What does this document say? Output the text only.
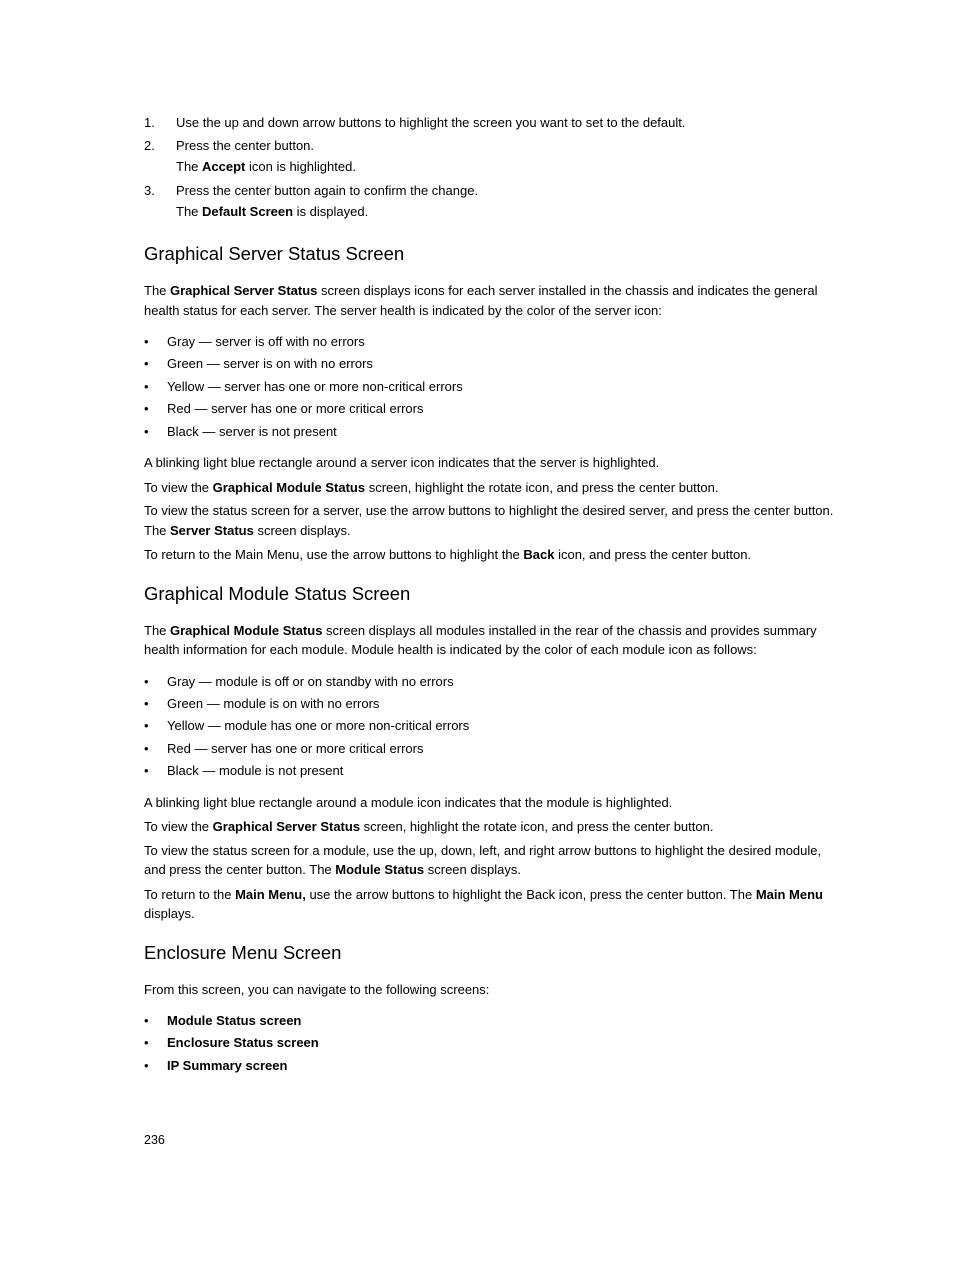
1. Use the up and down arrow buttons to highlight the screen you want to set to the default.
2. Press the center button.
The Accept icon is highlighted.
3. Press the center button again to confirm the change.
The Default Screen is displayed.
Graphical Server Status Screen

The Graphical Server Status screen displays icons for each server installed in the chassis and indicates the general health status for each server. The server health is indicated by the color of the server icon:

• Gray — server is off with no errors
• Green — server is on with no errors
• Yellow — server has one or more non-critical errors
• Red — server has one or more critical errors
• Black — server is not present

A blinking light blue rectangle around a server icon indicates that the server is highlighted.

To view the Graphical Module Status screen, highlight the rotate icon, and press the center button.

To view the status screen for a server, use the arrow buttons to highlight the desired server, and press the center button. The Server Status screen displays.

To return to the Main Menu, use the arrow buttons to highlight the Back icon, and press the center button.

Graphical Module Status Screen

The Graphical Module Status screen displays all modules installed in the rear of the chassis and provides summary health information for each module. Module health is indicated by the color of each module icon as follows:

• Gray — module is off or on standby with no errors
• Green — module is on with no errors
• Yellow — module has one or more non-critical errors
• Red — server has one or more critical errors
• Black — module is not present

A blinking light blue rectangle around a module icon indicates that the module is highlighted.

To view the Graphical Server Status screen, highlight the rotate icon, and press the center button.

To view the status screen for a module, use the up, down, left, and right arrow buttons to highlight the desired module, and press the center button. The Module Status screen displays.

To return to the Main Menu, use the arrow buttons to highlight the Back icon, press the center button. The Main Menu displays.

Enclosure Menu Screen

From this screen, you can navigate to the following screens:

• Module Status screen
• Enclosure Status screen
• IP Summary screen
236
